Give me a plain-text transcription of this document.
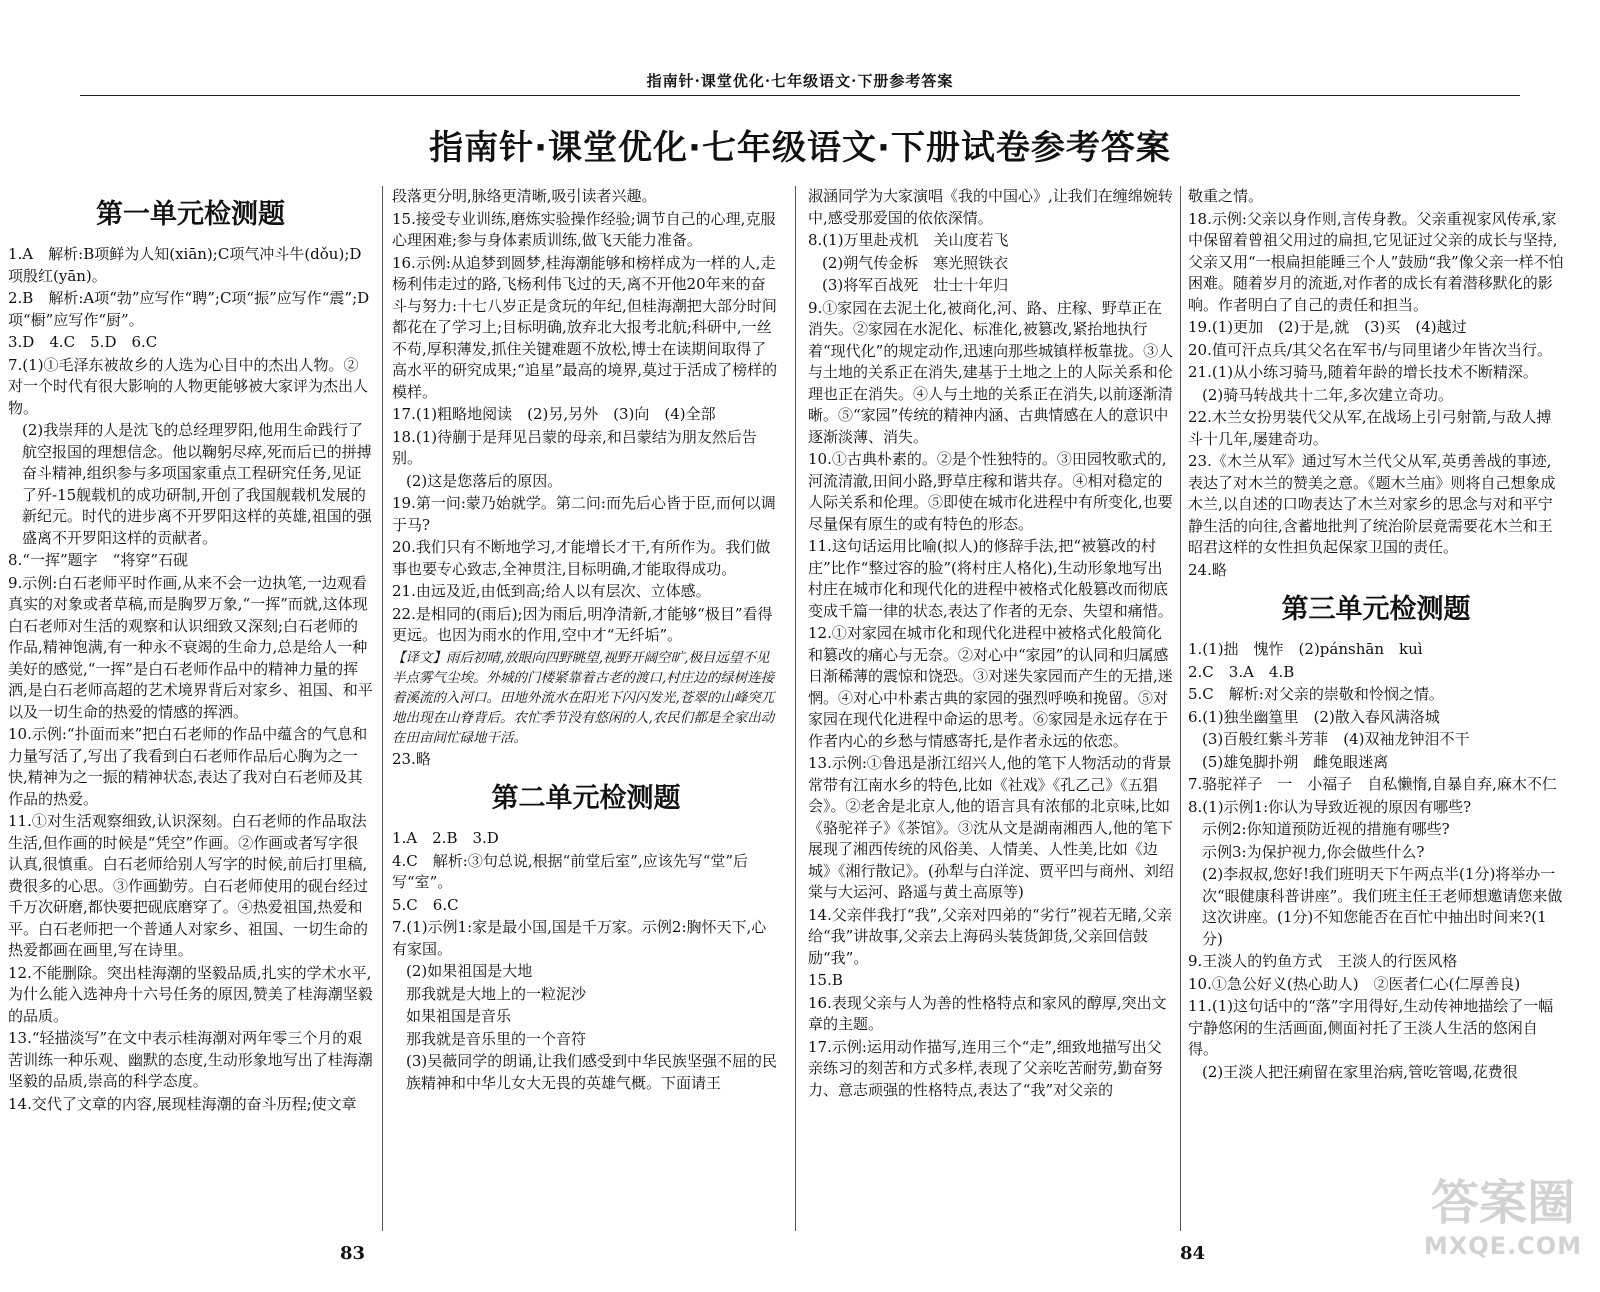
指南针·课堂优化·七年级语文·下册参考答案
指南针·课堂优化·七年级语文·下册试卷参考答案
第一单元检测题

1.A　解析:B项鲜为人知(xiān);C项气冲斗牛(dǒu);D项殷红(yān)。

2.B　解析:A项“勃”应写作“聘”;C项“振”应写作“震”;D项“橱”应写作“厨”。

3.D　4.C　5.D　6.C

7.(1)①毛泽东被故乡的人选为心目中的杰出人物。②对一个时代有很大影响的人物更能够被大家评为杰出人物。

(2)我崇拜的人是沈飞的总经理罗阳,他用生命践行了航空报国的理想信念。他以鞠躬尽瘁,死而后已的拼搏奋斗精神,组织参与多项国家重点工程研究任务,见证了歼-15舰载机的成功研制,开创了我国舰载机发展的新纪元。时代的进步离不开罗阳这样的英雄,祖国的强盛离不开罗阳这样的贡献者。

8.“一挥”题字　“将穿”石砚

9.示例:白石老师平时作画,从来不会一边执笔,一边观看真实的对象或者草稿,而是胸罗万象,“一挥”而就,这体现白石老师对生活的观察和认识细致又深刻;白石老师的作品,精神饱满,有一种永不衰竭的生命力,总是给人一种美好的感觉,“一挥”是白石老师作品中的精神力量的挥洒,是白石老师高超的艺术境界背后对家乡、祖国、和平以及一切生命的热爱的情感的挥洒。

10.示例:“扑面而来”把白石老师的作品中蕴含的气息和力量写活了,写出了我看到白石老师作品后心胸为之一快,精神为之一振的精神状态,表达了我对白石老师及其作品的热爱。

11.①对生活观察细致,认识深刻。白石老师的作品取法生活,但作画的时候是“凭空”作画。②作画或者写字很认真,很慎重。白石老师给别人写字的时候,前后打里稿,费很多的心思。③作画勤劳。白石老师使用的砚台经过千万次研磨,都快要把砚底磨穿了。④热爱祖国,热爱和平。白石老师把一个普通人对家乡、祖国、一切生命的热爱都画在画里,写在诗里。

12.不能删除。突出桂海潮的坚毅品质,扎实的学术水平,为什么能入选神舟十六号任务的原因,赞美了桂海潮坚毅的品质。

13.“轻描淡写”在文中表示桂海潮对两年零三个月的艰苦训练一种乐观、幽默的态度,生动形象地写出了桂海潮坚毅的品质,崇高的科学态度。

14.交代了文章的内容,展现桂海潮的奋斗历程;使文章

段落更分明,脉络更清晰,吸引读者兴趣。

15.接受专业训练,磨炼实验操作经验;调节自己的心理,克服心理困难;参与身体素质训练,做飞天能力准备。

16.示例:从追梦到圆梦,桂海潮能够和榜样成为一样的人,走杨利伟走过的路,飞杨利伟飞过的天,离不开他20年来的奋斗与努力:十七八岁正是贪玩的年纪,但桂海潮把大部分时间都花在了学习上;目标明确,放弃北大报考北航;科研中,一丝不苟,厚积薄发,抓住关键难题不放松,博士在读期间取得了高水平的研究成果;“追星”最高的境界,莫过于活成了榜样的模样。

17.(1)粗略地阅读　(2)另,另外　(3)向　(4)全部

18.(1)待蒯于是拜见吕蒙的母亲,和吕蒙结为朋友然后告别。

(2)这是您落后的原因。

19.第一问:蒙乃始就学。第二问:而先后心皆于臣,而何以调于马?

20.我们只有不断地学习,才能增长才干,有所作为。我们做事也要专心致志,全神贯注,目标明确,才能取得成功。

21.由远及近,由低到高;给人以有层次、立体感。

22.是相同的(雨后);因为雨后,明净清新,才能够“极目”看得更远。也因为雨水的作用,空中才“无纤垢”。

【译文】雨后初晴,放眼向四野眺望,视野开阔空旷,极目远望不见半点雾气尘埃。外城的门楼紧靠着古老的渡口,村庄边的绿树连接着溪流的入河口。田地外流水在阳光下闪闪发光,苍翠的山峰突兀地出现在山脊背后。农忙季节没有悠闲的人,农民们都是全家出动在田亩间忙碌地干活。

23.略

第二单元检测题

1.A　2.B　3.D

4.C　解析:③句总说,根据“前堂后室”,应该先写“堂”后写“室”。

5.C　6.C

7.(1)示例1:家是最小国,国是千万家。示例2:胸怀天下,心有家国。

(2)如果祖国是大地

那我就是大地上的一粒泥沙

如果祖国是音乐

那我就是音乐里的一个音符

(3)吴薇同学的朗诵,让我们感受到中华民族坚强不屈的民族精神和中华儿女大无畏的英雄气概。下面请王

淑涵同学为大家演唱《我的中国心》,让我们在缠绵婉转中,感受那爱国的依依深情。

8.(1)万里赴戎机　关山度若飞

(2)朔气传金柝　寒光照铁衣

(3)将军百战死　壮士十年归

9.①家园在去泥土化,被商化,河、路、庄稼、野草正在消失。②家园在水泥化、标准化,被篡改,紧抬地执行着“现代化”的规定动作,迅速向那些城镇样板靠拢。③人与土地的关系正在消失,建基于土地之上的人际关系和伦理也正在消失。④人与土地的关系正在消失,以前逐渐清晰。⑤“家园”传统的精神内涵、古典情感在人的意识中逐渐淡薄、消失。

10.①古典朴素的。②是个性独特的。③田园牧歌式的,河流清澈,田间小路,野草庄稼和谐共存。④相对稳定的人际关系和伦理。⑤即使在城市化进程中有所变化,也要尽量保有原生的或有特色的形态。

11.这句话运用比喻(拟人)的修辞手法,把“被篡改的村庄”比作“整过容的脸”(将村庄人格化),生动形象地写出村庄在城市化和现代化的进程中被格式化般篡改而彻底变成千篇一律的状态,表达了作者的无奈、失望和痛惜。

12.①对家园在城市化和现代化进程中被格式化般简化和篡改的痛心与无奈。②对心中“家园”的认同和归属感日渐稀薄的震惊和饶恐。③对迷失家园而产生的无措,迷惘。④对心中朴素古典的家园的强烈呼唤和挽留。⑤对家园在现代化进程中命运的思考。⑥家园是永远存在于作者内心的乡愁与情感寄托,是作者永远的依恋。

13.示例:①鲁迅是浙江绍兴人,他的笔下人物活动的背景常带有江南水乡的特色,比如《社戏》《孔乙己》《五猖会》。②老舍是北京人,他的语言具有浓郁的北京味,比如《骆驼祥子》《茶馆》。③沈从文是湖南湘西人,他的笔下展现了湘西传统的风俗美、人情美、人性美,比如《边城》《湘行散记》。(孙犁与白洋淀、贾平凹与商州、刘绍棠与大运河、路遥与黄土高原等)

14.父亲伴我打“我”,父亲对四弟的“劣行”视若无睹,父亲给“我”讲故事,父亲去上海码头装货卸货,父亲回信鼓励“我”。

15.B

16.表现父亲与人为善的性格特点和家风的醇厚,突出文章的主题。

17.示例:运用动作描写,连用三个“走”,细致地描写出父亲练习的刻苦和方式多样,表现了父亲吃苦耐劳,勤奋努力、意志顽强的性格特点,表达了“我”对父亲的

敬重之情。

18.示例:父亲以身作则,言传身教。父亲重视家风传承,家中保留着曾祖父用过的扁担,它见证过父亲的成长与坚持,父亲又用“一根扁担能睡三个人”鼓励“我”像父亲一样不怕困难。随着岁月的流逝,对作者的成长有着潜移默化的影响。作者明白了自己的责任和担当。

19.(1)更加　(2)于是,就　(3)买　(4)越过

20.值可汗点兵/其父名在军书/与同里诸少年皆次当行。

21.(1)从小练习骑马,随着年龄的增长技术不断精深。

(2)骑马转战共十二年,多次建立奇功。

22.木兰女扮男装代父从军,在战场上引弓射箭,与敌人搏斗十几年,屡建奇功。

23.《木兰从军》通过写木兰代父从军,英勇善战的事迹,表达了对木兰的赞美之意。《题木兰庙》则将自己想象成木兰,以自述的口吻表达了木兰对家乡的思念与对和平宁静生活的向往,含蓄地批判了统治阶层竟需要花木兰和王昭君这样的女性担负起保家卫国的责任。

24.略

第三单元检测题

1.(1)拙　愧怍　(2)pánshān　kuì

2.C　3.A　4.B

5.C　解析:对父亲的崇敬和怜悯之情。

6.(1)独坐幽篁里　(2)散入春风满洛城

(3)百般红紫斗芳菲　(4)双袖龙钟泪不干

(5)雄兔脚扑朔　雌兔眼迷离

7.骆驼祥子　一　小福子　自私懒惰,自暴自弃,麻木不仁

8.(1)示例1:你认为导致近视的原因有哪些?

示例2:你知道预防近视的措施有哪些?

示例3:为保护视力,你会做些什么?

(2)李叔叔,您好!我们班明天下午两点半(1分)将举办一次“眼健康科普讲座”。我们班主任王老师想邀请您来做这次讲座。(1分)不知您能否在百忙中抽出时间来?(1分)

9.王淡人的钓鱼方式　王淡人的行医风格

10.①急公好义(热心助人)　②医者仁心(仁厚善良)

11.(1)这句话中的“落”字用得好,生动传神地描绘了一幅宁静悠闲的生活画面,侧面衬托了王淡人生活的悠闲自得。

(2)王淡人把汪痢留在家里治病,管吃管喝,花费很

83	84
答案圈
MXQE.COM
